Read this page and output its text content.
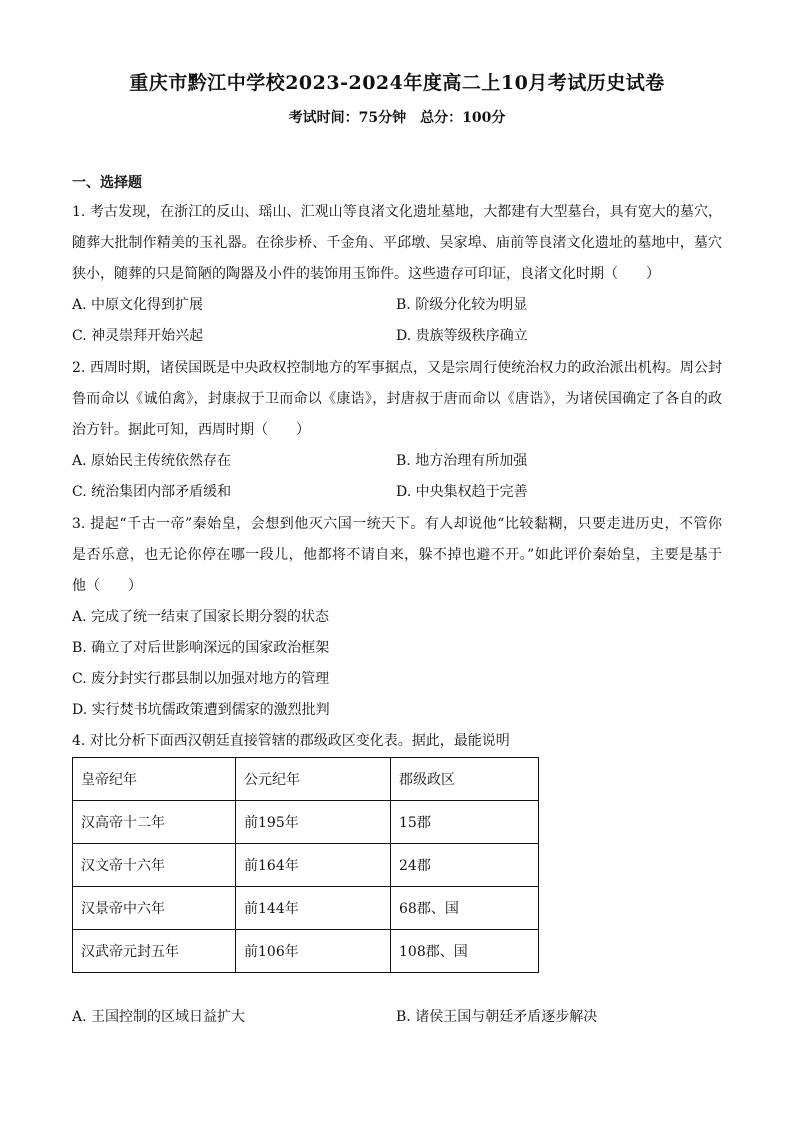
重庆市黔江中学校2023-2024年度高二上10月考试历史试卷
考试时间：75分钟　总分：100分
一、选择题
1. 考古发现，在浙江的反山、瑶山、汇观山等良渚文化遗址墓地，大都建有大型墓台，具有宽大的墓穴，
随葬大批制作精美的玉礼器。在徐步桥、千金角、平邱墩、吴家埠、庙前等良渚文化遗址的墓地中，墓穴
狭小，随葬的只是简陋的陶器及小件的装饰用玉饰件。这些遗存可印证，良渚文化时期（　　）
A. 中原文化得到扩展	B. 阶级分化较为明显
C. 神灵崇拜开始兴起	D. 贵族等级秩序确立
2. 西周时期，诸侯国既是中央政权控制地方的军事据点，又是宗周行使统治权力的政治派出机构。周公封
鲁而命以《诚伯禽》，封康叔于卫而命以《康诰》，封唐叔于唐而命以《唐诰》，为诸侯国确定了各自的政
治方针。据此可知，西周时期（　　）
A. 原始民主传统依然存在	B. 地方治理有所加强
C. 统治集团内部矛盾缓和	D. 中央集权趋于完善
3. 提起“千古一帝”秦始皇，会想到他灭六国一统天下。有人却说他“比较黏糊，只要走进历史，不管你
是否乐意，也无论你停在哪一段儿，他都将不请自来，躲不掉也避不开。”如此评价秦始皇，主要是基于
他（　　）
A. 完成了统一结束了国家长期分裂的状态
B. 确立了对后世影响深远的国家政治框架
C. 废分封实行郡县制以加强对地方的管理
D. 实行焚书坑儒政策遭到儒家的激烈批判
4. 对比分析下面西汉朝廷直接管辖的郡级政区变化表。据此，最能说明
皇帝纪年	公元纪年	郡级政区
汉高帝十二年	前195年	15郡
汉文帝十六年	前164年	24郡
汉景帝中六年	前144年	68郡、国
汉武帝元封五年	前106年	108郡、国
A. 王国控制的区域日益扩大	B. 诸侯王国与朝廷矛盾逐步解决
